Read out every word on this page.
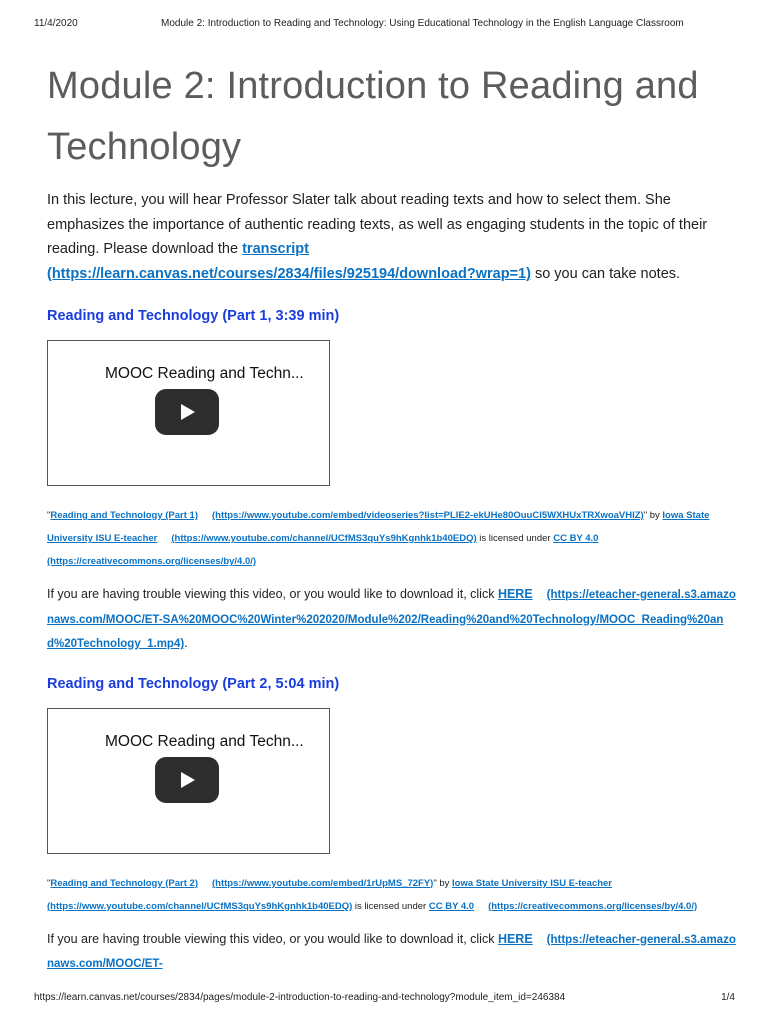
11/4/2020	Module 2: Introduction to Reading and Technology: Using Educational Technology in the English Language Classroom
Module 2: Introduction to Reading and Technology

In this lecture, you will hear Professor Slater talk about reading texts and how to select them. She emphasizes the importance of authentic reading texts, as well as engaging students in the topic of their reading. Please download the transcript
(https://learn.canvas.net/courses/2834/files/925194/download?wrap=1) so you can take notes.

Reading and Technology (Part 1, 3:39 min)
MOOC Reading and Techn...
"Reading and Technology (Part 1) (https://www.youtube.com/embed/videoseries?list=PLIE2-ekUHe80OuuCI5WXHUxTRXwoaVHlZ)" by Iowa State University ISU E-teacher (https://www.youtube.com/channel/UCfMS3quYs9hKgnhk1b40EDQ) is licensed under CC BY 4.0
(https://creativecommons.org/licenses/by/4.0/)
If you are having trouble viewing this video, or you would like to download it, click HERE (https://eteacher-general.s3.amazonaws.com/MOOC/ET-SA%20MOOC%20Winter%202020/Module%202/Reading%20and%20Technology/MOOC_Reading%20and%20Technology_1.mp4).
Reading and Technology (Part 2, 5:04 min)
MOOC Reading and Techn...
"Reading and Technology (Part 2) (https://www.youtube.com/embed/1rUpMS_72FY)" by Iowa State University ISU E-teacher
(https://www.youtube.com/channel/UCfMS3quYs9hKgnhk1b40EDQ) is licensed under CC BY 4.0 (https://creativecommons.org/licenses/by/4.0/)
If you are having trouble viewing this video, or you would like to download it, click HERE (https://eteacher-general.s3.amazonaws.com/MOOC/ET-
https://learn.canvas.net/courses/2834/pages/module-2-introduction-to-reading-and-technology?module_item_id=246384	1/4
